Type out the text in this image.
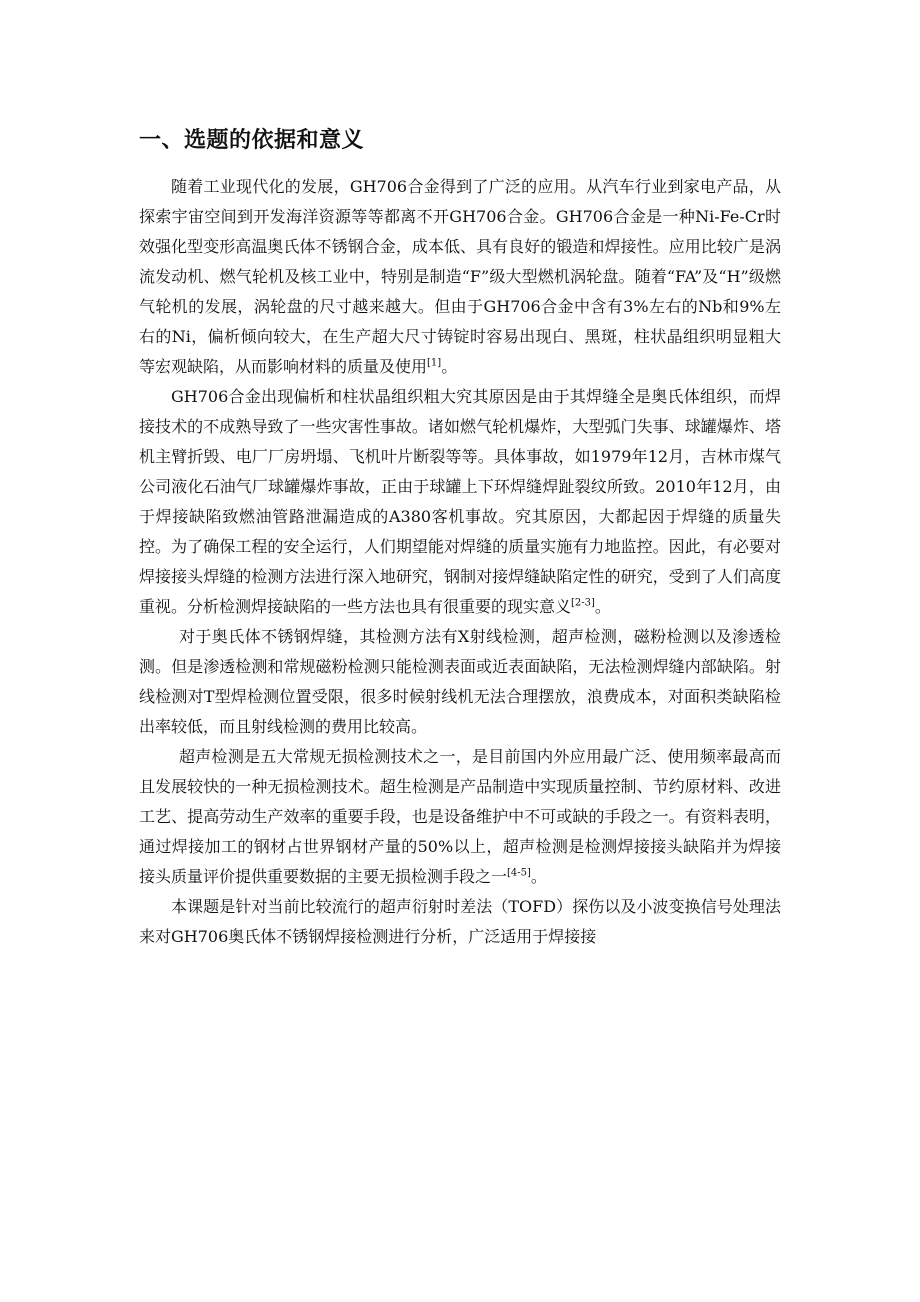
一、选题的依据和意义

随着工业现代化的发展，GH706合金得到了广泛的应用。从汽车行业到家电产品，从探索宇宙空间到开发海洋资源等等都离不开GH706合金。GH706合金是一种Ni-Fe-Cr时效强化型变形高温奥氏体不锈钢合金，成本低、具有良好的锻造和焊接性。应用比较广是涡流发动机、燃气轮机及核工业中，特别是制造“F”级大型燃机涡轮盘。随着“FA”及“H”级燃气轮机的发展，涡轮盘的尺寸越来越大。但由于GH706合金中含有3%左右的Nb和9%左右的Ni，偏析倾向较大，在生产超大尺寸铸锭时容易出现白、黑斑，柱状晶组织明显粗大等宏观缺陷，从而影响材料的质量及使用[1]。

GH706合金出现偏析和柱状晶组织粗大究其原因是由于其焊缝全是奥氏体组织，而焊接技术的不成熟导致了一些灾害性事故。诸如燃气轮机爆炸，大型弧门失事、球罐爆炸、塔机主臂折毁、电厂厂房坍塌、飞机叶片断裂等等。具体事故，如1979年12月，吉林市煤气公司液化石油气厂球罐爆炸事故，正由于球罐上下环焊缝焊趾裂纹所致。2010年12月，由于焊接缺陷致燃油管路泄漏造成的A380客机事故。究其原因，大都起因于焊缝的质量失控。为了确保工程的安全运行，人们期望能对焊缝的质量实施有力地监控。因此，有必要对焊接接头焊缝的检测方法进行深入地研究，钢制对接焊缝缺陷定性的研究，受到了人们高度重视。分析检测焊接缺陷的一些方法也具有很重要的现实意义[2-3]。

对于奥氏体不锈钢焊缝，其检测方法有X射线检测，超声检测，磁粉检测以及渗透检测。但是渗透检测和常规磁粉检测只能检测表面或近表面缺陷，无法检测焊缝内部缺陷。射线检测对T型焊检测位置受限，很多时候射线机无法合理摆放，浪费成本，对面积类缺陷检出率较低，而且射线检测的费用比较高。

超声检测是五大常规无损检测技术之一，是目前国内外应用最广泛、使用频率最高而且发展较快的一种无损检测技术。超生检测是产品制造中实现质量控制、节约原材料、改进工艺、提高劳动生产效率的重要手段，也是设备维护中不可或缺的手段之一。有资料表明，通过焊接加工的钢材占世界钢材产量的50%以上，超声检测是检测焊接接头缺陷并为焊接接头质量评价提供重要数据的主要无损检测手段之一[4-5]。

本课题是针对当前比较流行的超声衍射时差法（TOFD）探伤以及小波变换信号处理法来对GH706奥氏体不锈钢焊接检测进行分析，广泛适用于焊接接
